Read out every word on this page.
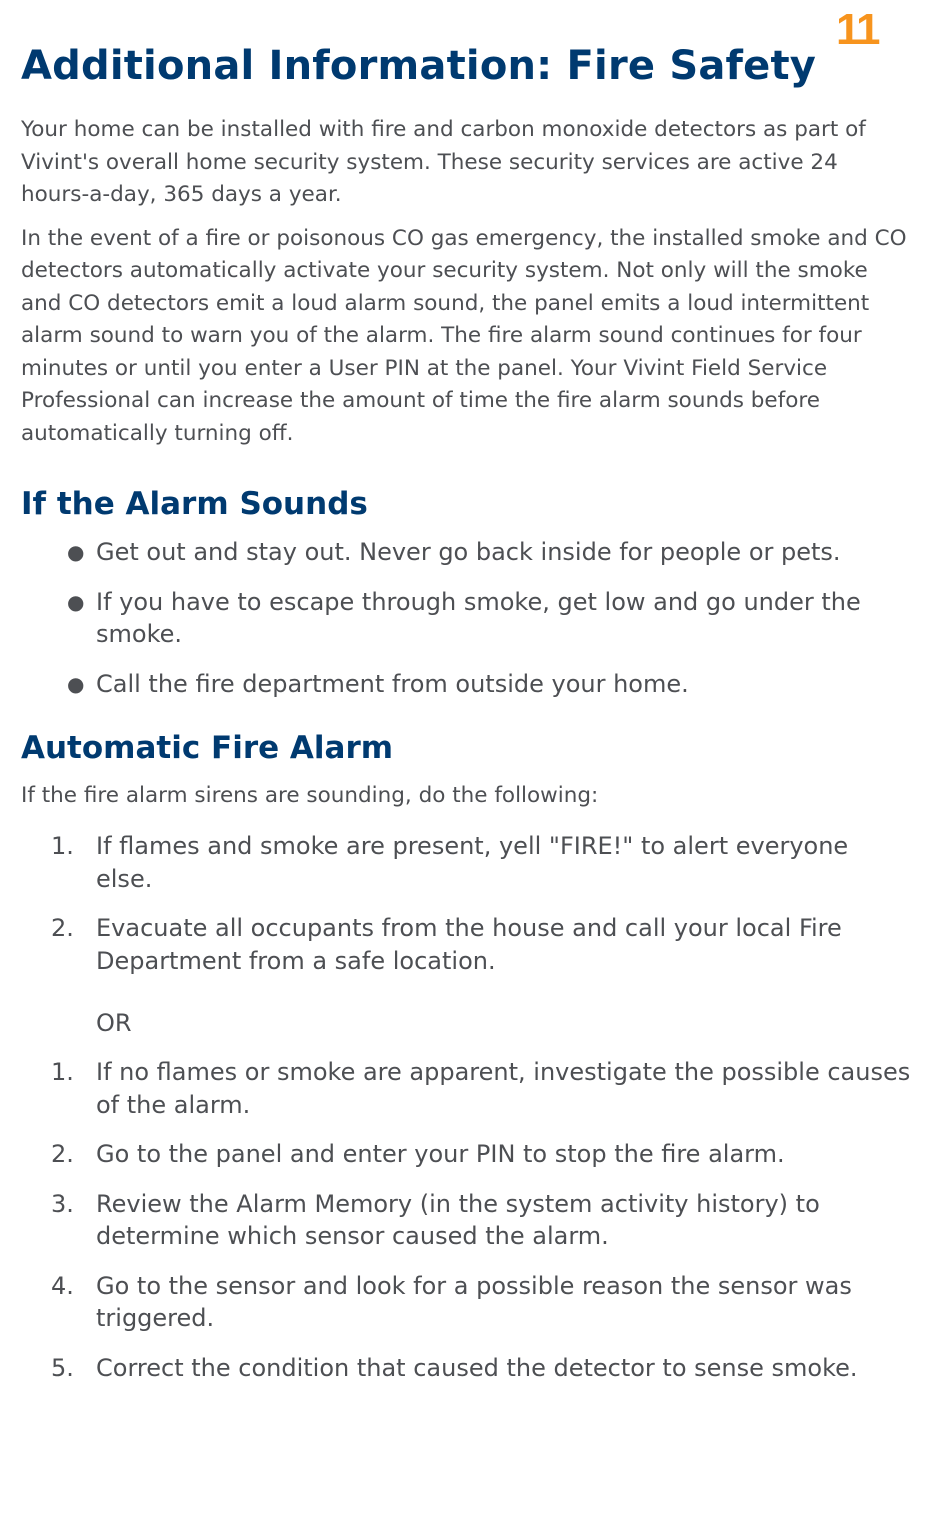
11
Additional Information: Fire Safety

Your home can be installed with fire and carbon monoxide detectors as part of Vivint's overall home security system. These security services are active 24 hours-a-day, 365 days a year.

In the event of a fire or poisonous CO gas emergency, the installed smoke and CO detectors automatically activate your security system. Not only will the smoke and CO detectors emit a loud alarm sound, the panel emits a loud intermittent alarm sound to warn you of the alarm. The fire alarm sound continues for four minutes or until you enter a User PIN at the panel. Your Vivint Field Service Professional can increase the amount of time the fire alarm sounds before automatically turning off.

If the Alarm Sounds
● Get out and stay out. Never go back inside for people or pets.
● If you have to escape through smoke, get low and go under the smoke.
● Call the fire department from outside your home.
Automatic Fire Alarm
If the fire alarm sirens are sounding, do the following:
1. If flames and smoke are present, yell "FIRE!" to alert everyone else.
2. Evacuate all occupants from the house and call your local Fire Department from a safe location.
OR
1. If no flames or smoke are apparent, investigate the possible causes of the alarm.
2. Go to the panel and enter your PIN to stop the fire alarm.
3. Review the Alarm Memory (in the system activity history) to determine which sensor caused the alarm.
4. Go to the sensor and look for a possible reason the sensor was triggered.
5. Correct the condition that caused the detector to sense smoke.
